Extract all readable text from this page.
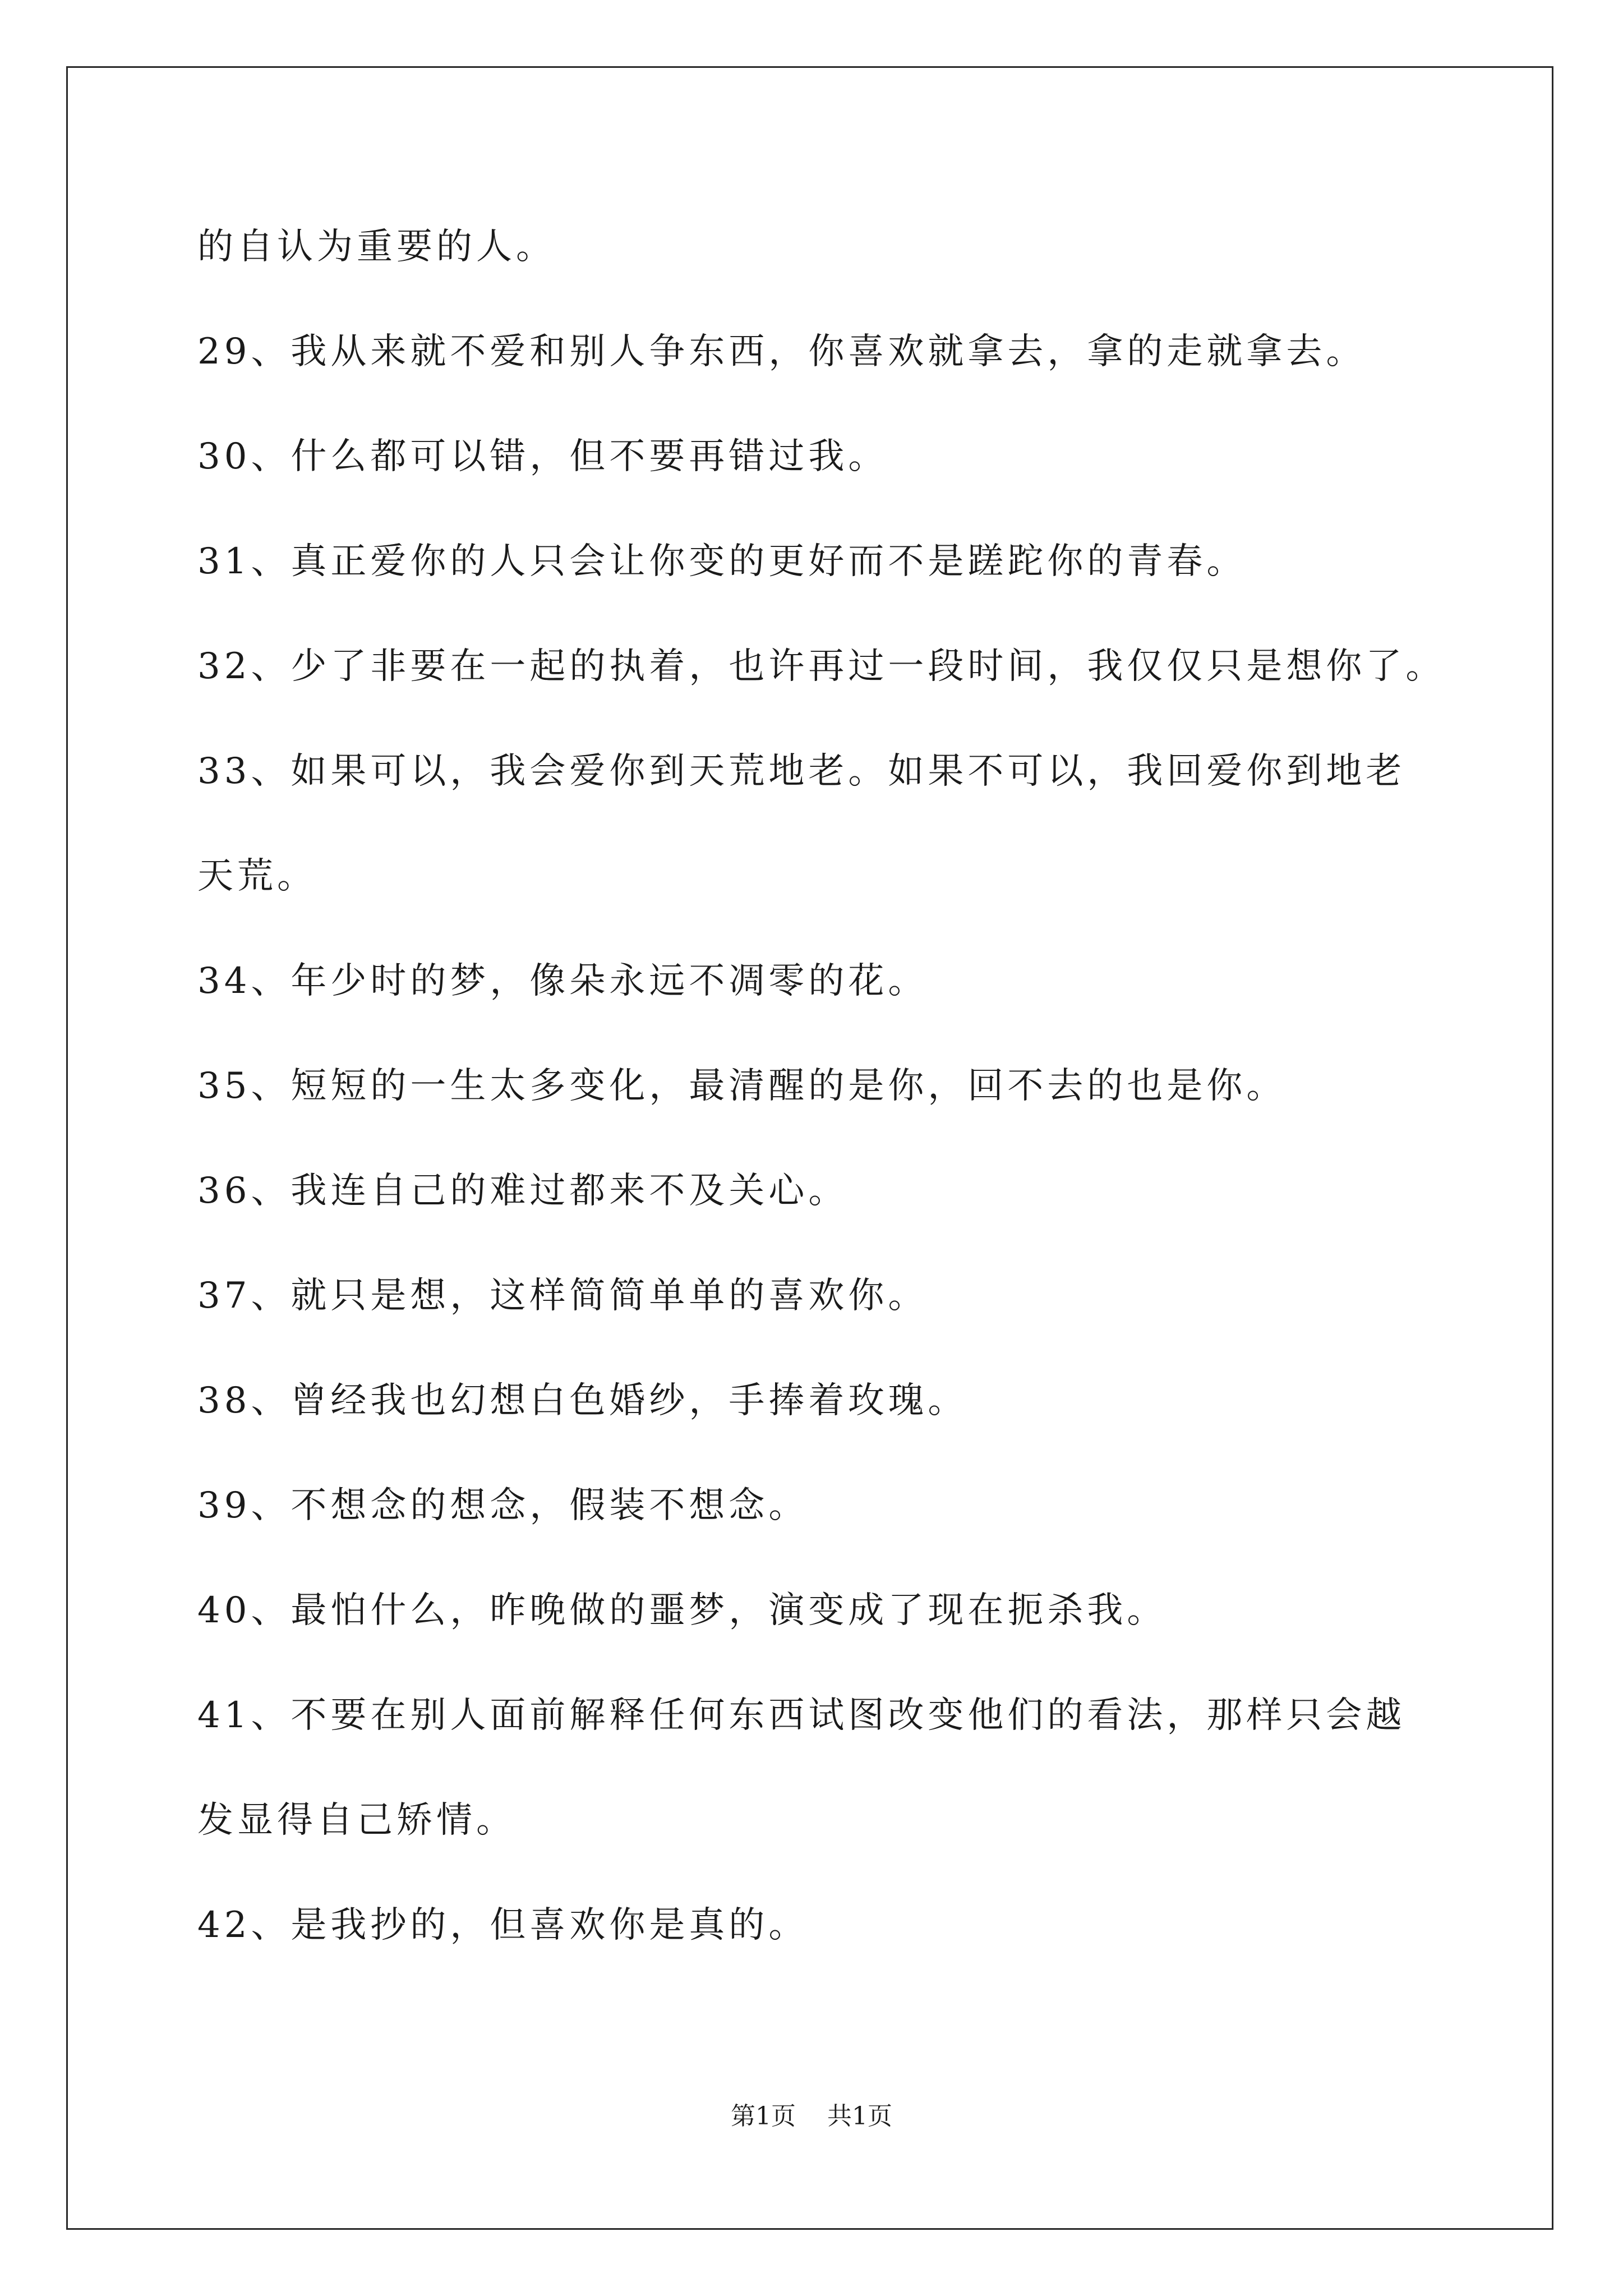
的自认为重要的人。
29、我从来就不爱和别人争东西，你喜欢就拿去，拿的走就拿去。
30、什么都可以错，但不要再错过我。
31、真正爱你的人只会让你变的更好而不是蹉跎你的青春。
32、少了非要在一起的执着，也许再过一段时间，我仅仅只是想你了。
33、如果可以，我会爱你到天荒地老。如果不可以，我回爱你到地老
天荒。
34、年少时的梦，像朵永远不凋零的花。
35、短短的一生太多变化，最清醒的是你，回不去的也是你。
36、我连自己的难过都来不及关心。
37、就只是想，这样简简单单的喜欢你。
38、曾经我也幻想白色婚纱，手捧着玫瑰。
39、不想念的想念，假装不想念。
40、最怕什么，昨晚做的噩梦，演变成了现在扼杀我。
41、不要在别人面前解释任何东西试图改变他们的看法，那样只会越
发显得自己矫情。
42、是我抄的，但喜欢你是真的。
第1页 共1页
